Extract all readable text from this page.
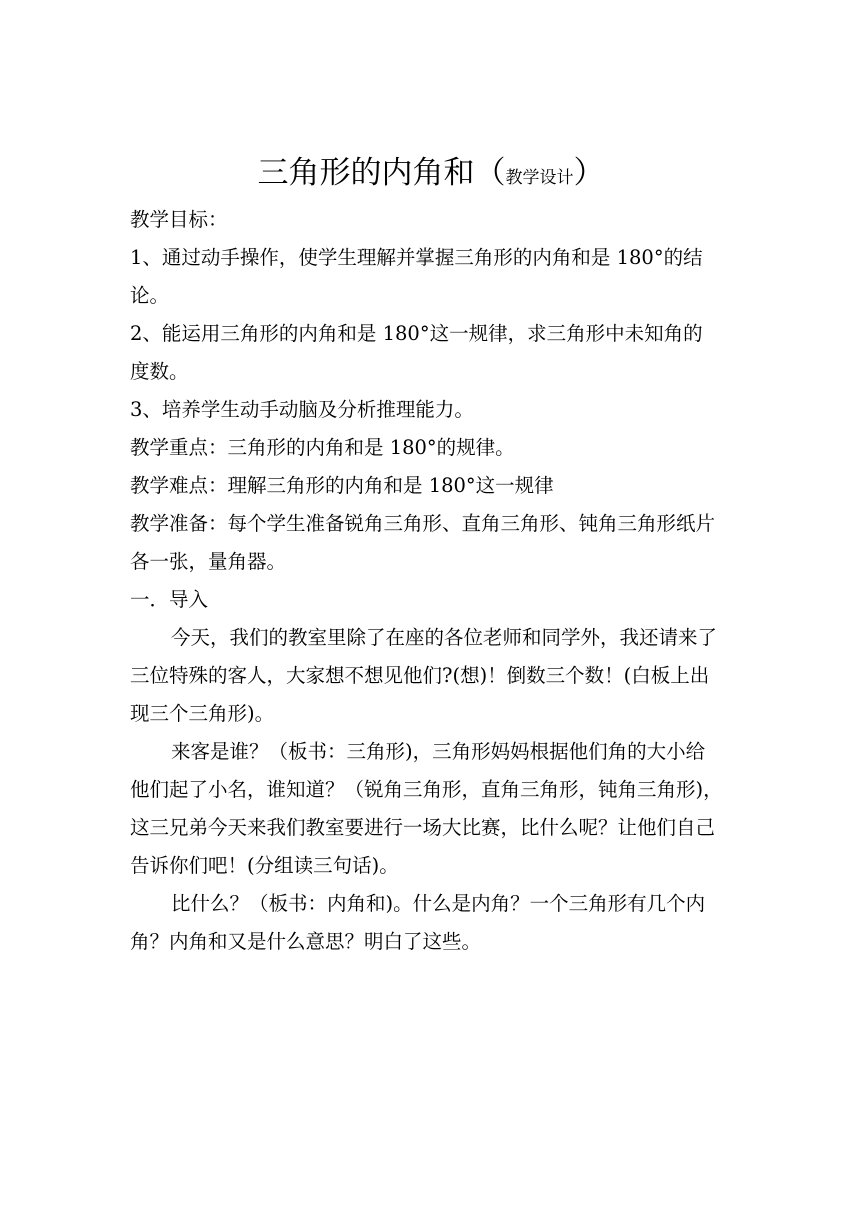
三角形的内角和（教学设计）

教学目标：

1、通过动手操作，使学生理解并掌握三角形的内角和是 180°的结

论。

2、能运用三角形的内角和是 180°这一规律，求三角形中未知角的

度数。

3、培养学生动手动脑及分析推理能力。

教学重点：三角形的内角和是 180°的规律。

教学难点：理解三角形的内角和是 180°这一规律

教学准备：每个学生准备锐角三角形、直角三角形、钝角三角形纸片

各一张，量角器。

一．导入

今天，我们的教室里除了在座的各位老师和同学外，我还请来了

三位特殊的客人，大家想不想见他们?(想)！倒数三个数！(白板上出

现三个三角形)。

来客是谁？（板书：三角形)，三角形妈妈根据他们角的大小给

他们起了小名，谁知道？（锐角三角形，直角三角形，钝角三角形)，

这三兄弟今天来我们教室要进行一场大比赛，比什么呢？让他们自己

告诉你们吧！(分组读三句话)。

比什么？（板书：内角和)。什么是内角？一个三角形有几个内

角？内角和又是什么意思？明白了这些。
